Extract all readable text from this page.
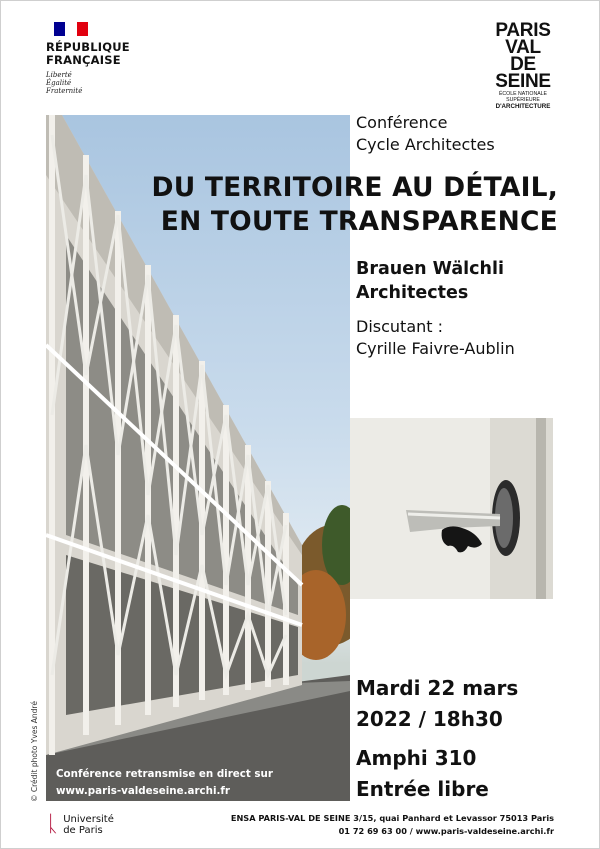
RÉPUBLIQUE
FRANÇAISE
Liberté
Égalité
Fraternité
PARIS
VAL DE
SEINE
ÉCOLE NATIONALE SUPÉRIEURE
D'ARCHITECTURE
© Crédit photo Yves André
Conférence
Cycle Architectes
DU TERRITOIRE AU DÉTAIL,
EN TOUTE TRANSPARENCE
Brauen Wälchli
Architectes
Discutant :
Cyrille Faivre-Aublin
Mardi 22 mars
2022 / 18h30
Amphi 310
Entrée libre
Conférence retransmise en direct sur
www.paris-valdeseine.archi.fr
ᚳ Université
de Paris
ENSA PARIS-VAL DE SEINE 3/15, quai Panhard et Levassor 75013 Paris
01 72 69 63 00 / www.paris-valdeseine.archi.fr
